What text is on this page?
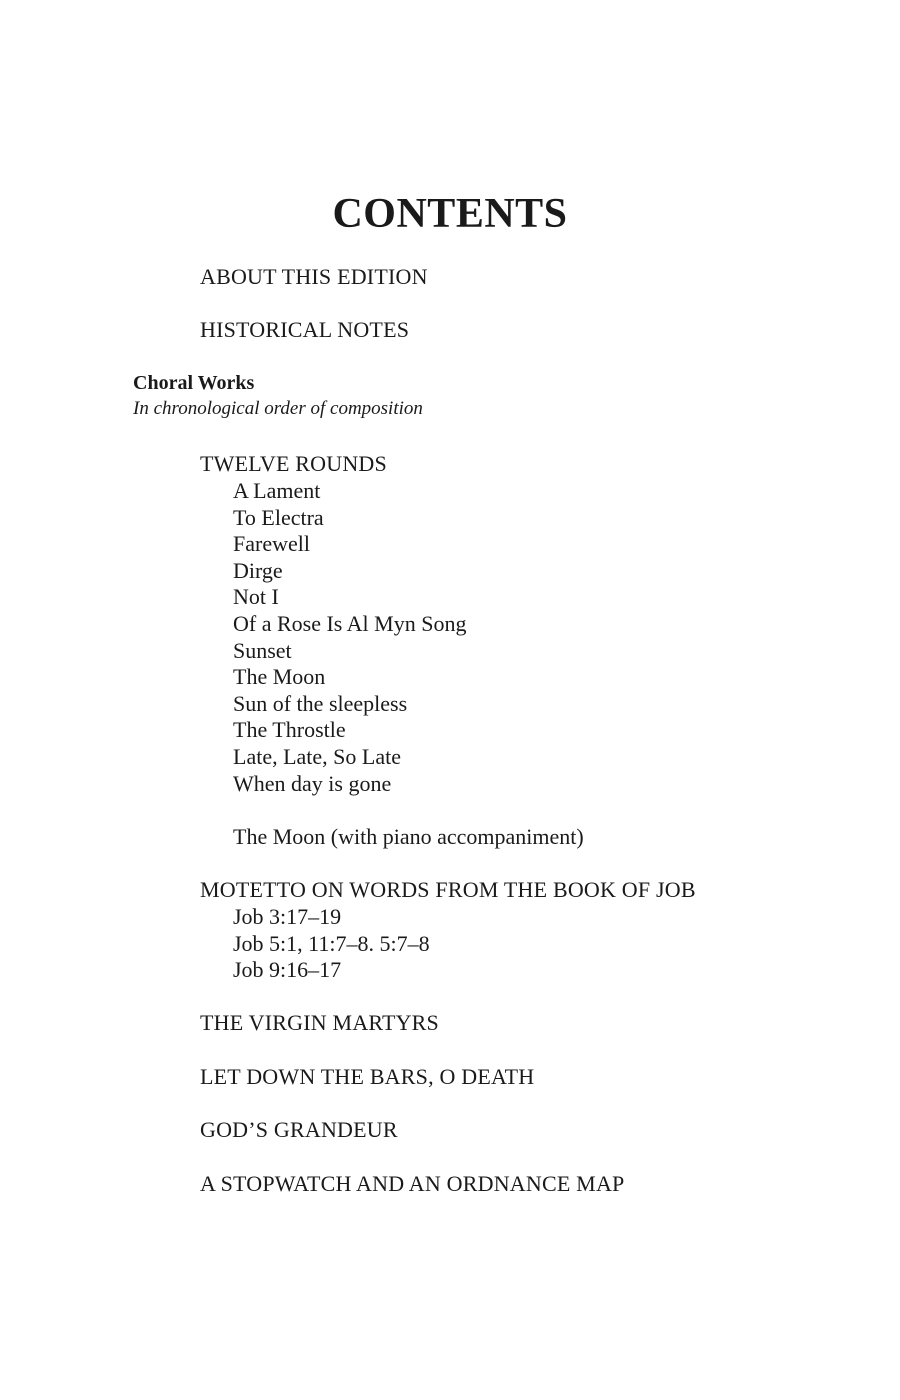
CONTENTS
ABOUT THIS EDITION
HISTORICAL NOTES
Choral Works
In chronological order of composition
TWELVE ROUNDS
A Lament
To Electra
Farewell
Dirge
Not I
Of a Rose Is Al Myn Song
Sunset
The Moon
Sun of the sleepless
The Throstle
Late, Late, So Late
When day is gone
The Moon (with piano accompaniment)
MOTETTO ON WORDS FROM THE BOOK OF JOB
Job 3:17–19
Job 5:1, 11:7–8. 5:7–8
Job 9:16–17
THE VIRGIN MARTYRS
LET DOWN THE BARS, O DEATH
GOD’S GRANDEUR
A STOPWATCH AND AN ORDNANCE MAP
